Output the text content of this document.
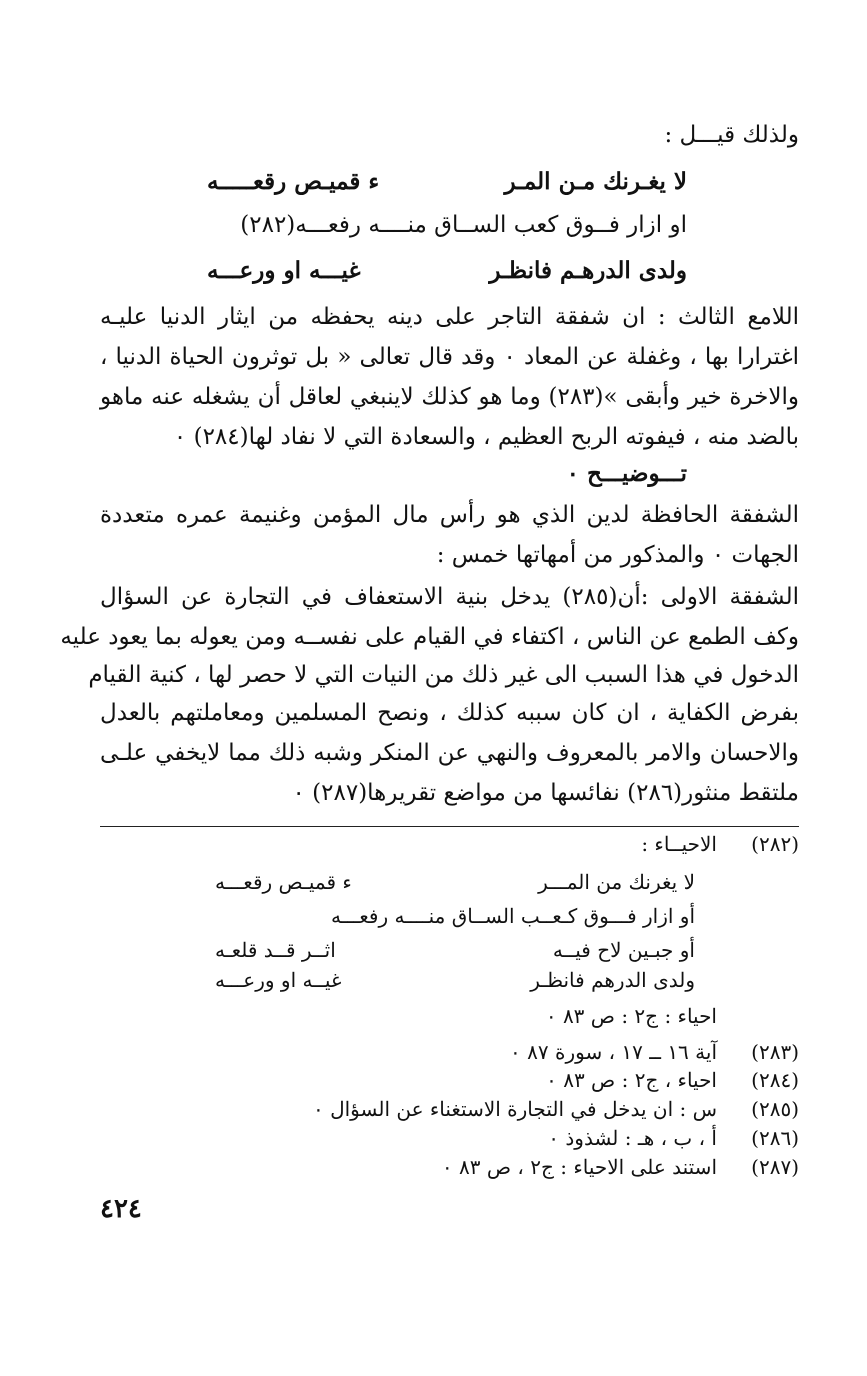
ولذلك قيـــل :
لا يغـرنك مـن المـر
ء قميـص رقعـــــه
او ازار فــوق كعب الســاق منــــه رفعـــه(٢٨٢)
ولدى الدرهـم فانظـر
غيـــه او ورعـــه
اللامع الثالث : ان شفقة التاجر على دينه يحفظه من ايثار الدنيا عليـه
اغترارا بها ، وغفلة عن المعاد ٠ وقد قال تعالى « بل توثرون الحياة الدنيا ،
والاخرة خير وأبقى »(٢٨٣) وما هو كذلك لاينبغي لعاقل أن يشغله عنه ماهو
بالضد منه ، فيفوته الربح العظيم ، والسعادة التي لا نفاد لها(٢٨٤) ٠
تـــوضيـــح ٠
الشفقة الحافظة لدين الذي هو رأس مال المؤمن وغنيمة عمره متعددة
الجهات ٠ والمذكور من أمهاتها خمس :
الشفقة الاولى :أن(٢٨٥) يدخل بنية الاستعفاف في التجارة عن السؤال
وكف الطمع عن الناس ، اكتفاء في القيام على نفســه ومن يعوله بما يعود عليه
الدخول في هذا السبب الى غير ذلك من النيات التي لا حصر لها ، كنية القيام
بفرض الكفاية ، ان كان سببه كذلك ، ونصح المسلمين ومعاملتهم بالعدل
والاحسان والامر بالمعروف والنهي عن المنكر وشبه ذلك مما لايخفي علـى
ملتقط منثور(٢٨٦) نفائسها من مواضع تقريرها(٢٨٧) ٠
(٢٨٢)
الاحيــاء :
لا يغرنك من المـــر
ء قميـص رقعـــه
أو ازار فـــوق كـعــب الســاق منــــه رفعـــه
أو جبـين لاح فيــه
اثــر قــد قلعـه
ولدى الدرهم فانظـر
غيــه او ورعـــه
احياء : ج٢ : ص ٨٣ ٠
(٢٨٣)
آية ١٦ ــ ١٧ ، سورة ٨٧ ٠
(٢٨٤)
احياء ، ج٢ : ص ٨٣ ٠
(٢٨٥)
س : ان يدخل في التجارة الاستغناء عن السؤال ٠
(٢٨٦)
أ ، ب ، هـ : لشذوذ ٠
(٢٨٧)
استند على الاحياء : ج٢ ، ص ٨٣ ٠
٤٢٤
